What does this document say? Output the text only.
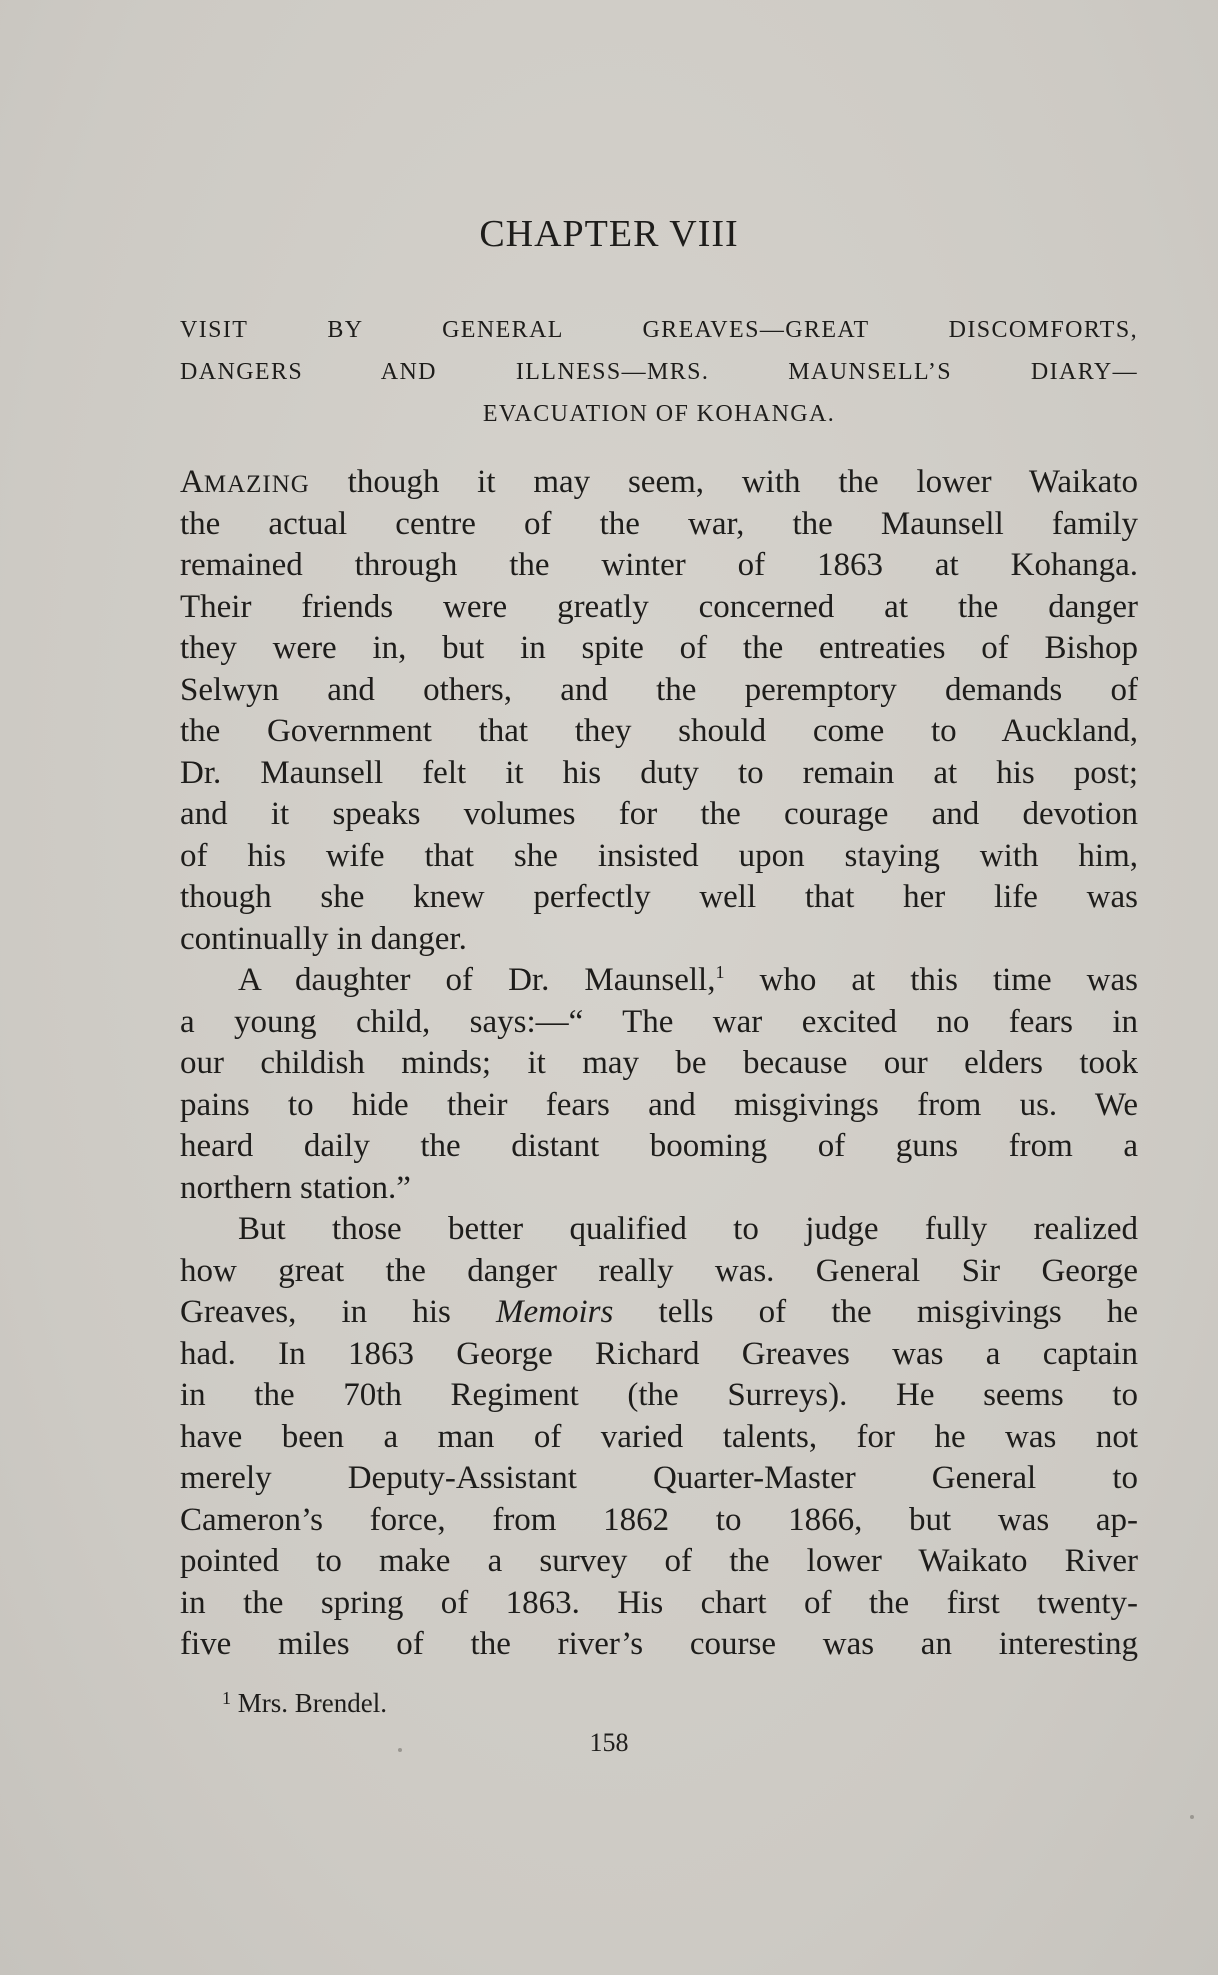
CHAPTER VIII
VISIT BY GENERAL GREAVES—GREAT DISCOMFORTS,
DANGERS AND ILLNESS—MRS. MAUNSELL’S DIARY—
EVACUATION OF KOHANGA.
AMAZING though it may seem, with the lower Waikato
the actual centre of the war, the Maunsell family
remained through the winter of 1863 at Kohanga.
Their friends were greatly concerned at the danger
they were in, but in spite of the entreaties of Bishop
Selwyn and others, and the peremptory demands of
the Government that they should come to Auckland,
Dr. Maunsell felt it his duty to remain at his post;
and it speaks volumes for the courage and devotion
of his wife that she insisted upon staying with him,
though she knew perfectly well that her life was
continually in danger.
A daughter of Dr. Maunsell,$^1$ who at this time was
a young child, says:—“ The war excited no fears in
our childish minds; it may be because our elders took
pains to hide their fears and misgivings from us. We
heard daily the distant booming of guns from a
northern station.”
But those better qualified to judge fully realized
how great the danger really was. General Sir George
Greaves, in his Memoirs tells of the misgivings he
had. In 1863 George Richard Greaves was a captain
in the 70th Regiment (the Surreys). He seems to
have been a man of varied talents, for he was not
merely Deputy-Assistant Quarter-Master General to
Cameron’s force, from 1862 to 1866, but was ap-
pointed to make a survey of the lower Waikato River
in the spring of 1863. His chart of the first twenty-
five miles of the river’s course was an interesting

$^1$ Mrs. Brendel.

158
